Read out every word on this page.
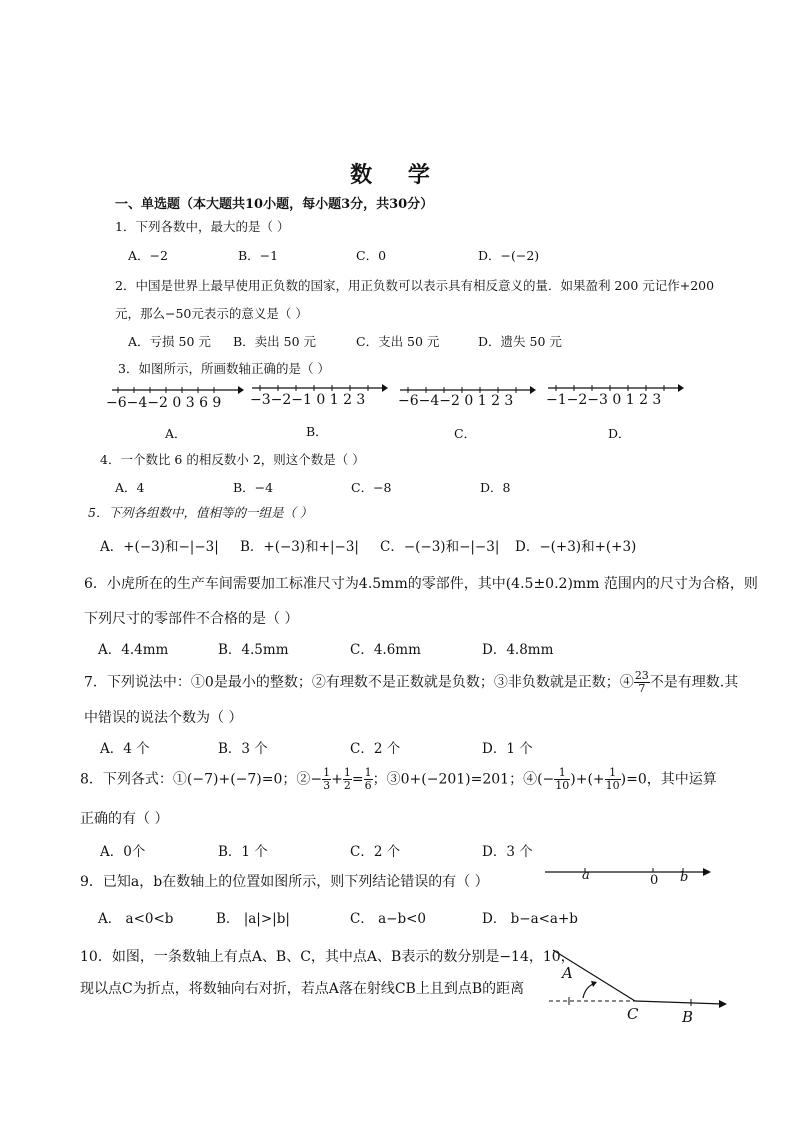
数 学
一、单选题（本大题共10小题，每小题3分，共30分）
1．下列各数中，最大的是（ ）
A．−2	B．−1	C．0	D．−(−2)
2．中国是世界上最早使用正负数的国家，用正负数可以表示具有相反意义的量．如果盈利 200 元记作+200
元，那么−50元表示的意义是（ ）
A．亏损 50 元 B．卖出 50 元	C．支出 50 元	D．遗失 50 元
3．如图所示，所画数轴正确的是（ ）
−6−4−2 0 3 6 9
A．
−3−2−1 0 1 2 3
B．
−6−4−2 0 1 2 3
C．
−1−2−3 0 1 2 3
D．
4．一个数比 6 的相反数小 2，则这个数是（ ）
A．4	B．−4	C．−8	D．8
5．下列各组数中，值相等的一组是（ ）
A．+(−3)和−|−3| B．+(−3)和+|−3| C．−(−3)和−|−3| D．−(+3)和+(+3)
6．小虎所在的生产车间需要加工标准尺寸为4.5mm的零部件，其中(4.5±0.2)mm 范围内的尺寸为合格，则
下列尺寸的零部件不合格的是（ ）
A．4.4mm	B．4.5mm	C．4.6mm	D．4.8mm
7．下列说法中：①0是最小的整数；②有理数不是正数就是负数；③非负数就是正数；④ $\frac{23}{7}$ 不是有理数.其
中错误的说法个数为（ ）
A．4 个	B．3 个	C．2 个	D．1 个
8．下列各式：①(−7)+(−7)=0；②− $\frac{1}{3} + \frac{1}{2} = \frac{1}{6}$ ；③0+(−201)=201；④(− $\frac{1}{10}$ )+(+ $\frac{1}{10} )=0$，其中运算
正确的有（ ）
A．0个	B．1 个	C．2 个	D．3 个
9．已知a，b在数轴上的位置如图所示，则下列结论错误的有（ ）	a	0 b
A． a<0<b	B． |a|>|b|	C． a−b<0	D． b−a<a+b
10．如图，一条数轴上有点A、B、C，其中点A、B表示的数分别是−14，10，
现以点C为折点，将数轴向右对折，若点A落在射线CB上且到点B的距离
A
C	B
